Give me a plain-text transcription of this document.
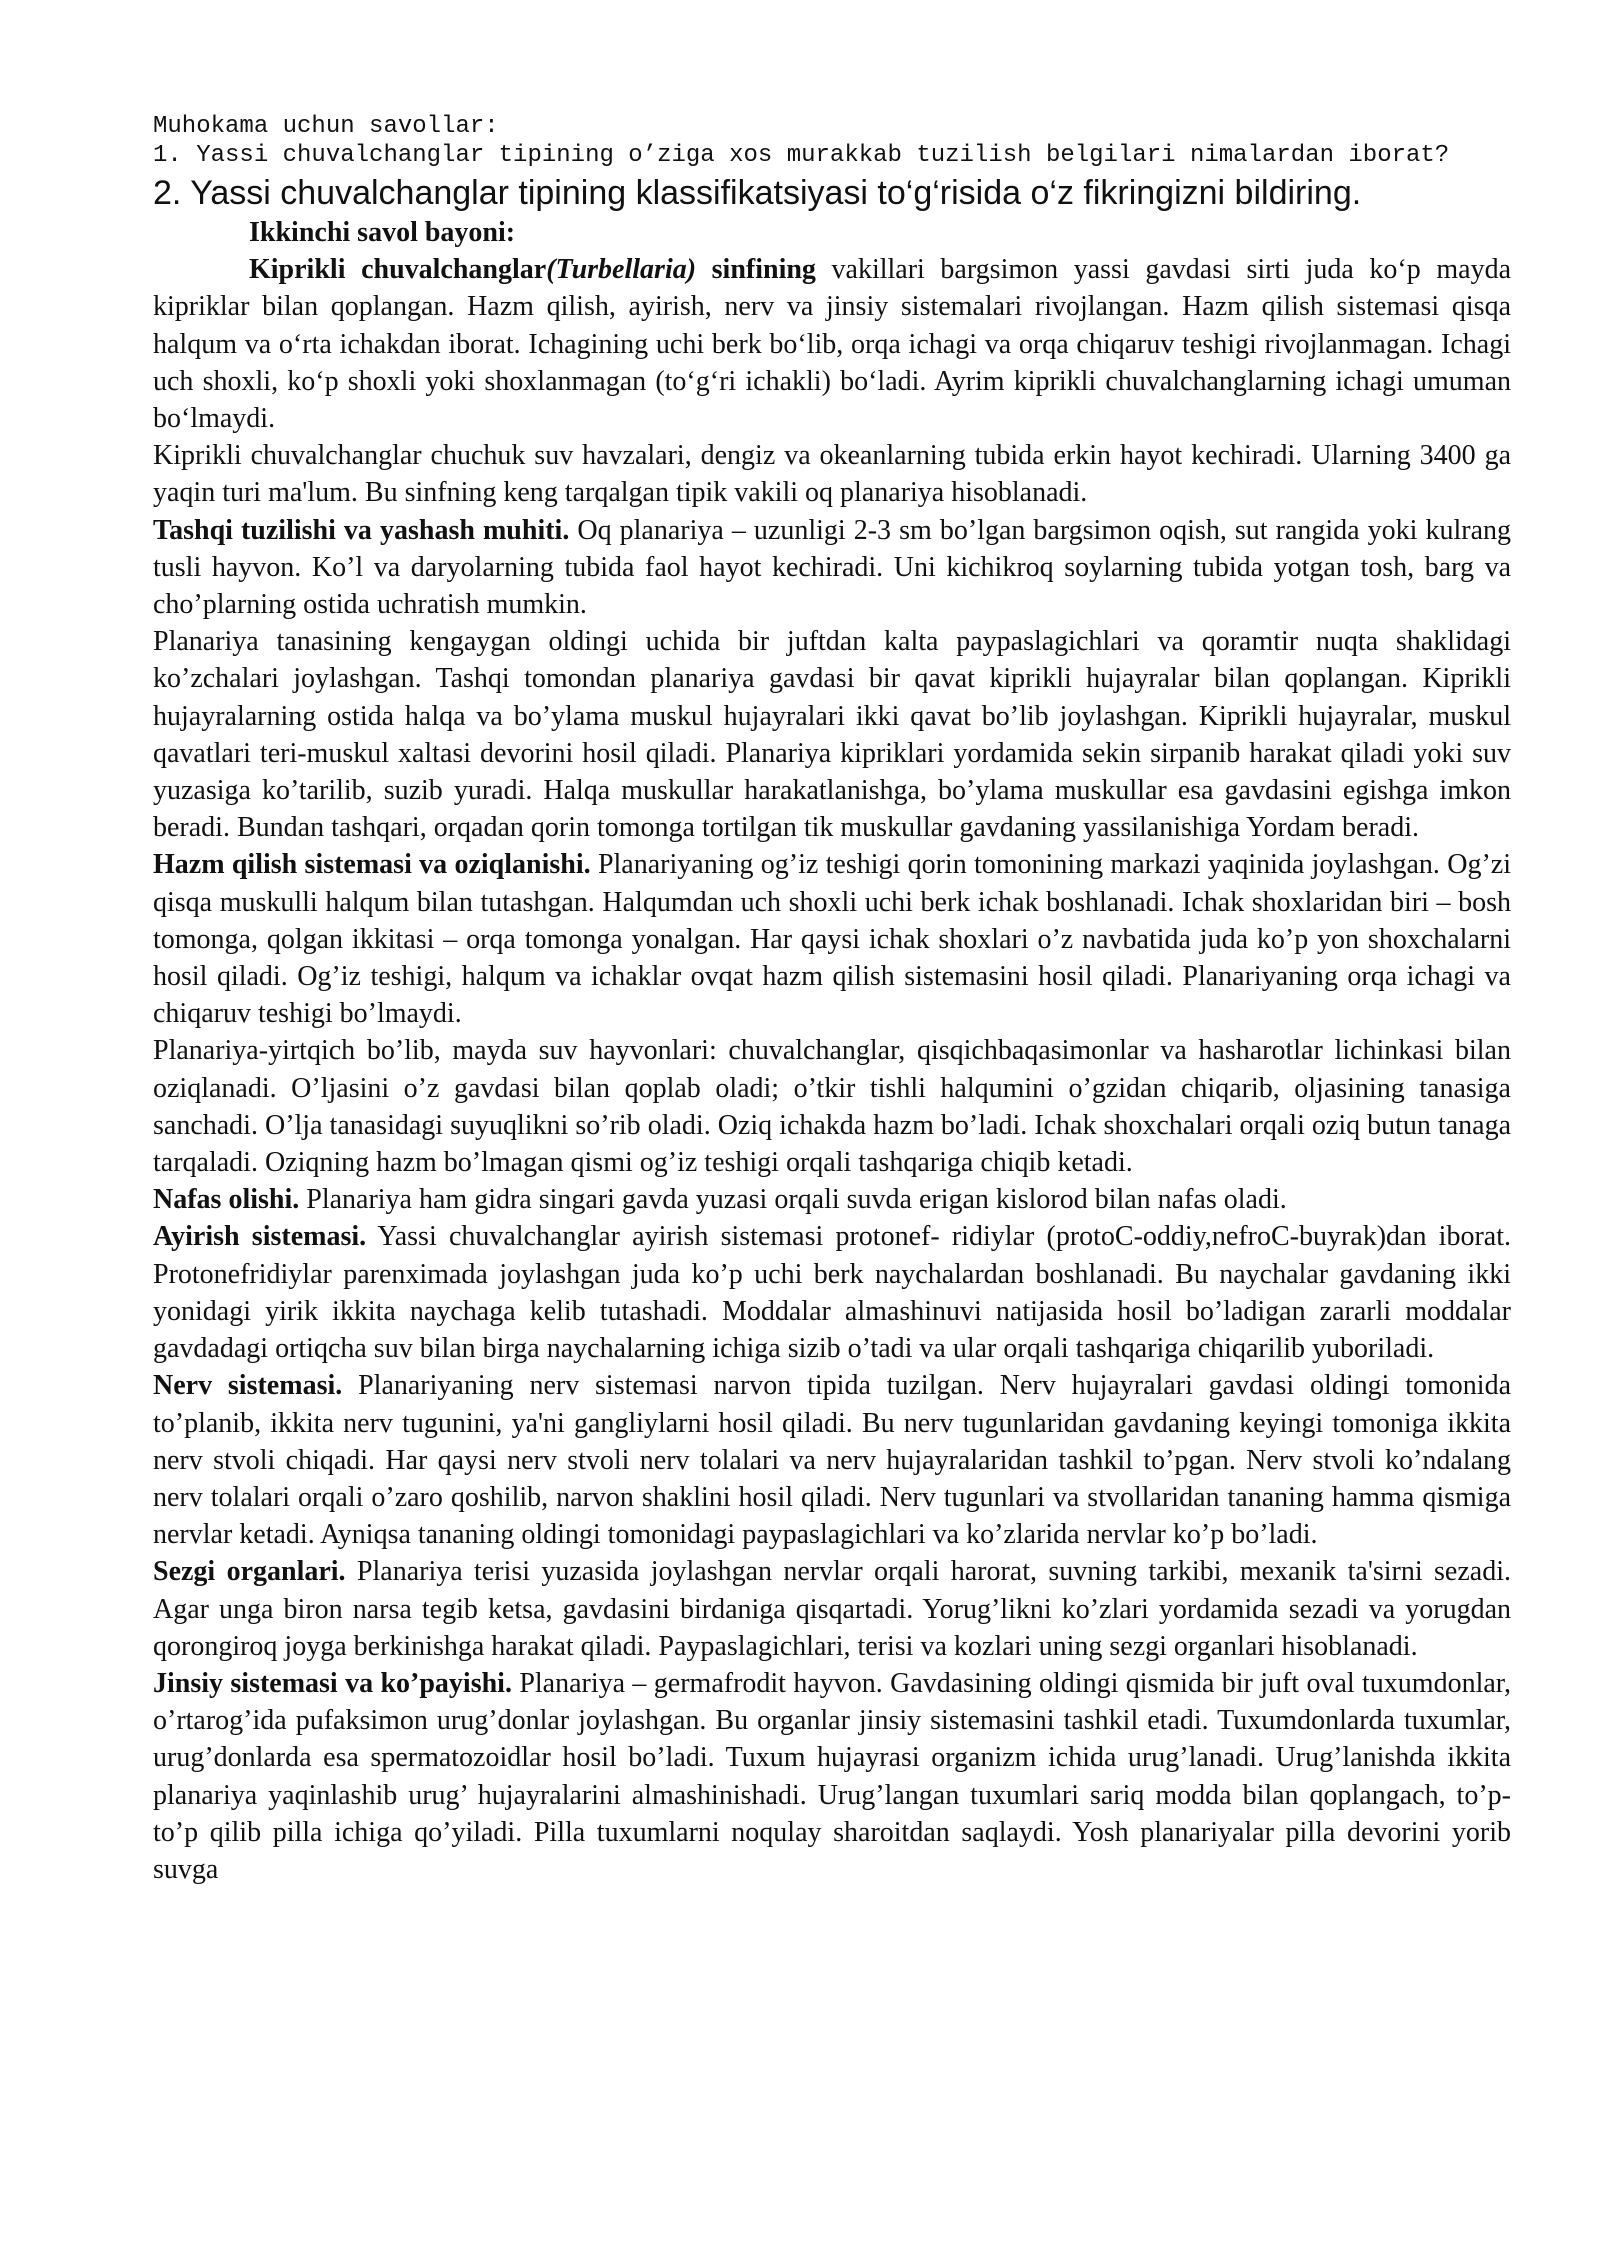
Muhokama uchun savollar:

1. Yassi chuvalchanglar tipining o’ziga xos murakkab tuzilish belgilari nimalardan iborat?

2. Yassi chuvalchanglar tipining klassifikatsiyasi to‘g‘risida o‘z fikringizni bildiring.

Ikkinchi savol bayoni:

Kiprikli chuvalchanglar(Turbellaria) sinfining vakillari bargsimon yassi gavdasi sirti juda ko‘p mayda kipriklar bilan qoplangan. Hazm qilish, ayirish, nerv va jinsiy sistemalari rivojlangan. Hazm qilish sistemasi qisqa halqum va o‘rta ichakdan iborat. Ichagining uchi berk bo‘lib, orqa ichagi va orqa chiqaruv teshigi rivojlanmagan. Ichagi uch shoxli, ko‘p shoxli yoki shoxlanmagan (to‘g‘ri ichakli) bo‘ladi. Ayrim kiprikli chuvalchanglarning ichagi umuman bo‘lmaydi.

Kiprikli chuvalchanglar chuchuk suv havzalari, dengiz va okeanlarning tubida erkin hayot kechiradi. Ularning 3400 ga yaqin turi ma'lum. Bu sinfning keng tarqalgan tipik vakili oq planariya hisoblanadi.

Tashqi tuzilishi va yashash muhiti. Oq planariya – uzunligi 2-3 sm bo’lgan bargsimon oqish, sut rangida yoki kulrang tusli hayvon. Ko’l va daryolarning tubida faol hayot kechiradi. Uni kichikroq soylarning tubida yotgan tosh, barg va cho’plarning ostida uchratish mumkin.

Planariya tanasining kengaygan oldingi uchida bir juftdan kalta paypaslagichlari va qoramtir nuqta shaklidagi ko’zchalari joylashgan. Tashqi tomondan planariya gavdasi bir qavat kiprikli hujayralar bilan qoplangan. Kiprikli hujayralarning ostida halqa va bo’ylama muskul hujayralari ikki qavat bo’lib joylashgan. Kiprikli hujayralar, muskul qavatlari teri-muskul xaltasi devorini hosil qiladi. Planariya kipriklari yordamida sekin sirpanib harakat qiladi yoki suv yuzasiga ko’tarilib, suzib yuradi. Halqa muskullar harakatlanishga, bo’ylama muskullar esa gavdasini egishga imkon beradi. Bundan tashqari, orqadan qorin tomonga tortilgan tik muskullar gavdaning yassilanishiga Yordam beradi.

Hazm qilish sistemasi va oziqlanishi. Planariyaning og’iz teshigi qorin tomonining markazi yaqinida joylashgan. Og’zi qisqa muskulli halqum bilan tutashgan. Halqumdan uch shoxli uchi berk ichak boshlanadi. Ichak shoxlaridan biri – bosh tomonga, qolgan ikkitasi – orqa tomonga yonalgan. Har qaysi ichak shoxlari o’z navbatida juda ko’p yon shoxchalarni hosil qiladi. Og’iz teshigi, halqum va ichaklar ovqat hazm qilish sistemasini hosil qiladi. Planariyaning orqa ichagi va chiqaruv teshigi bo’lmaydi.

Planariya-yirtqich bo’lib, mayda suv hayvonlari: chuvalchanglar, qisqichbaqasimonlar va hasharotlar lichinkasi bilan oziqlanadi. O’ljasini o’z gavdasi bilan qoplab oladi; o’tkir tishli halqumini o’gzidan chiqarib, oljasining tanasiga sanchadi. O’lja tanasidagi suyuqlikni so’rib oladi. Oziq ichakda hazm bo’ladi. Ichak shoxchalari orqali oziq butun tanaga tarqaladi. Oziqning hazm bo’lmagan qismi og’iz teshigi orqali tashqariga chiqib ketadi.

Nafas olishi. Planariya ham gidra singari gavda yuzasi orqali suvda erigan kislorod bilan nafas oladi.

Ayirish sistemasi. Yassi chuvalchanglar ayirish sistemasi protonef- ridiylar (protoC-oddiy,nefroC-buyrak)dan iborat. Protonefridiylar parenximada joylashgan juda ko’p uchi berk naychalardan boshlanadi. Bu naychalar gavdaning ikki yonidagi yirik ikkita naychaga kelib tutashadi. Moddalar almashinuvi natijasida hosil bo’ladigan zararli moddalar gavdadagi ortiqcha suv bilan birga naychalarning ichiga sizib o’tadi va ular orqali tashqariga chiqarilib yuboriladi.

Nerv sistemasi. Planariyaning nerv sistemasi narvon tipida tuzilgan. Nerv hujayralari gavdasi oldingi tomonida to’planib, ikkita nerv tugunini, ya'ni gangliylarni hosil qiladi. Bu nerv tugunlaridan gavdaning keyingi tomoniga ikkita nerv stvoli chiqadi. Har qaysi nerv stvoli nerv tolalari va nerv hujayralaridan tashkil to’pgan. Nerv stvoli ko’ndalang nerv tolalari orqali o’zaro qoshilib, narvon shaklini hosil qiladi. Nerv tugunlari va stvollaridan tananing hamma qismiga nervlar ketadi. Ayniqsa tananing oldingi tomonidagi paypaslagichlari va ko’zlarida nervlar ko’p bo’ladi.

Sezgi organlari. Planariya terisi yuzasida joylashgan nervlar orqali harorat, suvning tarkibi, mexanik ta'sirni sezadi. Agar unga biron narsa tegib ketsa, gavdasini birdaniga qisqartadi. Yorug’likni ko’zlari yordamida sezadi va yorugdan qorongiroq joyga berkinishga harakat qiladi. Paypaslagichlari, terisi va kozlari uning sezgi organlari hisoblanadi.

Jinsiy sistemasi va ko’payishi. Planariya – germafrodit hayvon. Gavdasining oldingi qismida bir juft oval tuxumdonlar, o’rtarog’ida pufaksimon urug’donlar joylashgan. Bu organlar jinsiy sistemasini tashkil etadi. Tuxumdonlarda tuxumlar, urug’donlarda esa spermatozoidlar hosil bo’ladi. Tuxum hujayrasi organizm ichida urug’lanadi. Urug’lanishda ikkita planariya yaqinlashib urug’ hujayralarini almashinishadi. Urug’langan tuxumlari sariq modda bilan qoplangach, to’p-to’p qilib pilla ichiga qo’yiladi. Pilla tuxumlarni noqulay sharoitdan saqlaydi. Yosh planariyalar pilla devorini yorib suvga
